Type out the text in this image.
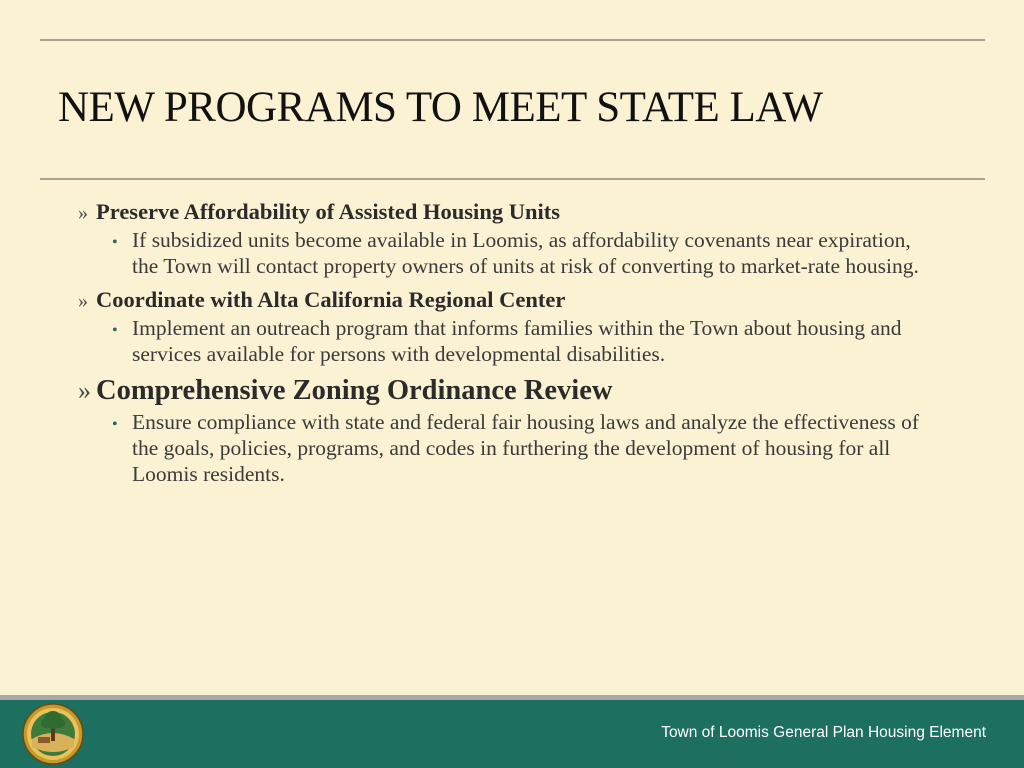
NEW PROGRAMS TO MEET STATE LAW
» Preserve Affordability of Assisted Housing Units
• If subsidized units become available in Loomis, as affordability covenants near expiration, the Town will contact property owners of units at risk of converting to market-rate housing.
» Coordinate with Alta California Regional Center
• Implement an outreach program that informs families within the Town about housing and services available for persons with developmental disabilities.
» Comprehensive Zoning Ordinance Review
• Ensure compliance with state and federal fair housing laws and analyze the effectiveness of the goals, policies, programs, and codes in furthering the development of housing for all Loomis residents.
Town of Loomis General Plan Housing Element
